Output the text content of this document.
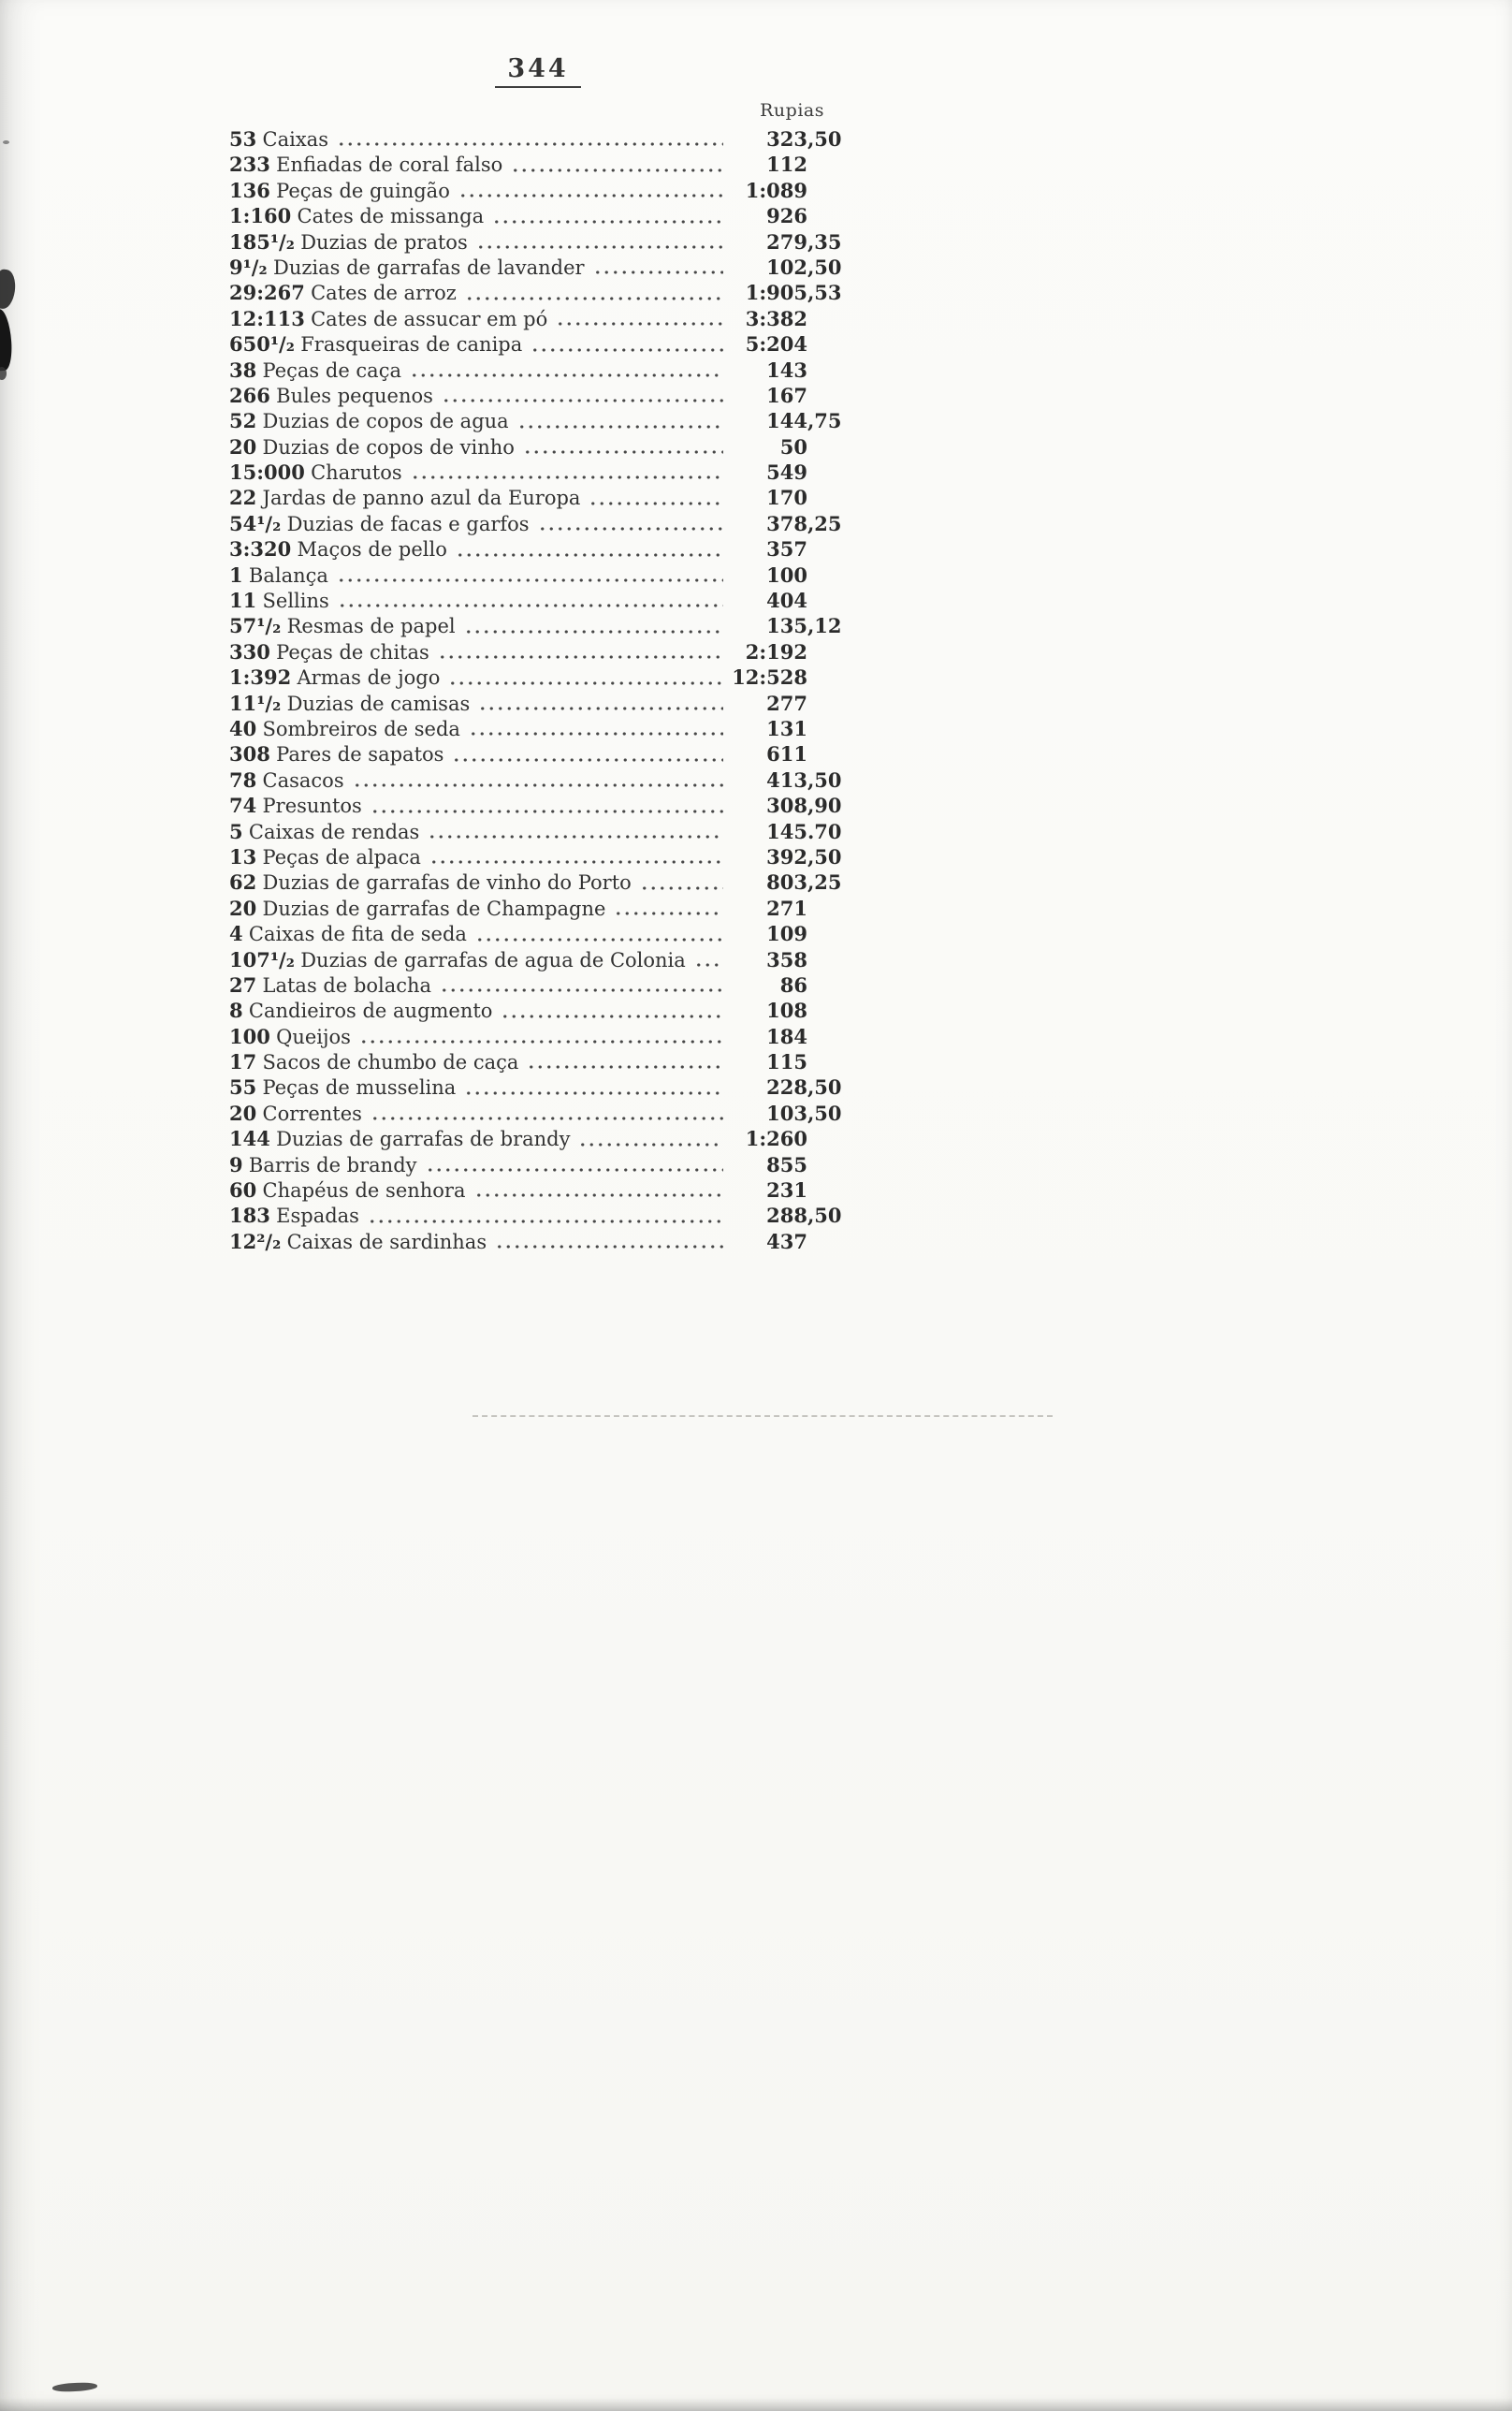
344
Rupias
53 Caixas	323 ,50
233 Enfiadas de coral falso	112
136 Peças de guingão	1:089
1:160 Cates de missanga	926
185¹/₂ Duzias de pratos	279 ,35
9¹/₂ Duzias de garrafas de lavander	102 ,50
29:267 Cates de arroz	1:905 ,53
12:113 Cates de assucar em pó	3:382
650¹/₂ Frasqueiras de canipa	5:204
38 Peças de caça	143
266 Bules pequenos	167
52 Duzias de copos de agua	144 ,75
20 Duzias de copos de vinho	50
15:000 Charutos	549
22 Jardas de panno azul da Europa	170
54¹/₂ Duzias de facas e garfos	378 ,25
3:320 Maços de pello	357
1 Balança	100
11 Sellins	404
57¹/₂ Resmas de papel	135 ,12
330 Peças de chitas	2:192
1:392 Armas de jogo	12:528
11¹/₂ Duzias de camisas	277
40 Sombreiros de seda	131
308 Pares de sapatos	611
78 Casacos	413 ,50
74 Presuntos	308 ,90
5 Caixas de rendas	145 .70
13 Peças de alpaca	392 ,50
62 Duzias de garrafas de vinho do Porto	803 ,25
20 Duzias de garrafas de Champagne	271
4 Caixas de fita de seda	109
107¹/₂ Duzias de garrafas de agua de Colonia	358
27 Latas de bolacha	86
8 Candieiros de augmento	108
100 Queijos	184
17 Sacos de chumbo de caça	115
55 Peças de musselina	228 ,50
20 Correntes	103 ,50
144 Duzias de garrafas de brandy	1:260
9 Barris de brandy	855
60 Chapéus de senhora	231
183 Espadas	288 ,50
12²/₂ Caixas de sardinhas	437
